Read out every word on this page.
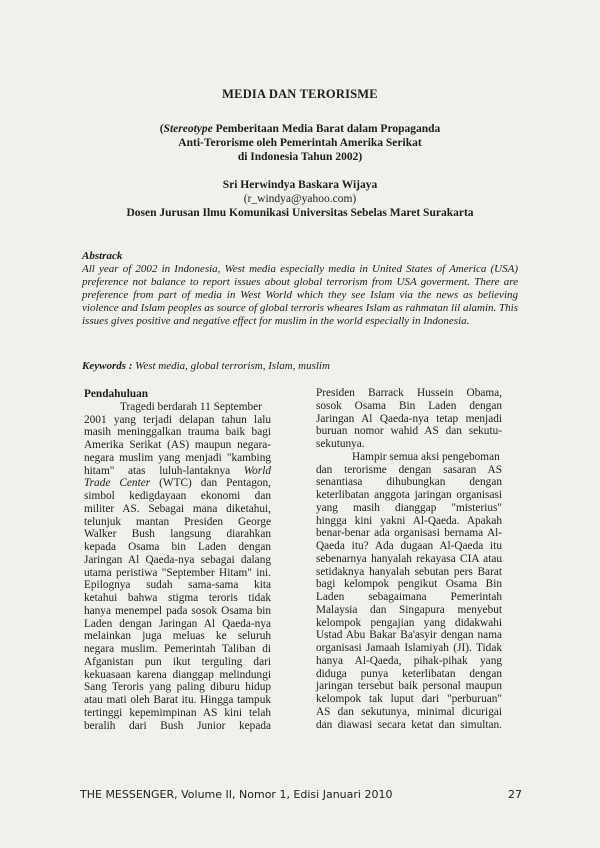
MEDIA DAN TERORISME
(Stereotype Pemberitaan Media Barat dalam Propaganda
Anti-Terorisme oleh Pemerintah Amerika Serikat
di Indonesia Tahun 2002)
Sri Herwindya Baskara Wijaya
(r_windya@yahoo.com)
Dosen Jurusan Ilmu Komunikasi Universitas Sebelas Maret Surakarta
Abstrack
All year of 2002 in Indonesia, West media especially media in United States of America (USA) preference not balance to report issues about global terrorism from USA goverment. There are preference from part of media in West World which they see Islam via the news as believing violence and Islam peoples as source of global terroris wheares Islam as rahmatan lil alamin. This issues gives positive and negative effect for muslim in the world especially in Indonesia.
Keywords : West media, global terrorism, Islam, muslim
Pendahuluan
Tragedi berdarah 11 September
2001 yang terjadi delapan tahun lalu
masih meninggalkan trauma baik bagi
Amerika Serikat (AS) maupun negara-
negara muslim yang menjadi "kambing
hitam" atas luluh-lantaknya World
Trade Center (WTC) dan Pentagon,
simbol kedigdayaan ekonomi dan
militer AS. Sebagai mana diketahui,
telunjuk mantan Presiden George
Walker Bush langsung diarahkan
kepada Osama bin Laden dengan
Jaringan Al Qaeda-nya sebagai dalang
utama peristiwa "September Hitam" ini.
Epilognya sudah sama-sama kita
ketahui bahwa stigma teroris tidak
hanya menempel pada sosok Osama bin
Laden dengan Jaringan Al Qaeda-nya
melainkan juga meluas ke seluruh
negara muslim. Pemerintah Taliban di
Afganistan pun ikut terguling dari
kekuasaan karena dianggap melindungi
Sang Teroris yang paling diburu hidup
atau mati oleh Barat itu. Hingga tampuk
tertinggi kepemimpinan AS kini telah
beralih dari Bush Junior kepada
Presiden Barrack Hussein Obama,
sosok Osama Bin Laden dengan
Jaringan Al Qaeda-nya tetap menjadi
buruan nomor wahid AS dan sekutu-
sekutunya.
Hampir semua aksi pengeboman
dan terorisme dengan sasaran AS
senantiasa dihubungkan dengan
keterlibatan anggota jaringan organisasi
yang masih dianggap "misterius"
hingga kini yakni Al-Qaeda. Apakah
benar-benar ada organisasi bernama Al-
Qaeda itu? Ada dugaan Al-Qaeda itu
sebenarnya hanyalah rekayasa CIA atau
setidaknya hanyalah sebutan pers Barat
bagi kelompok pengikut Osama Bin
Laden sebagaimana Pemerintah
Malaysia dan Singapura menyebut
kelompok pengajian yang didakwahi
Ustad Abu Bakar Ba'asyir dengan nama
organisasi Jamaah Islamiyah (JI). Tidak
hanya Al-Qaeda, pihak-pihak yang
diduga punya keterlibatan dengan
jaringan tersebut baik personal maupun
kelompok tak luput dari "perburuan"
AS dan sekutunya, minimal dicurigai
dan diawasi secara ketat dan simultan.
THE MESSENGER, Volume II, Nomor 1, Edisi Januari 2010	27
